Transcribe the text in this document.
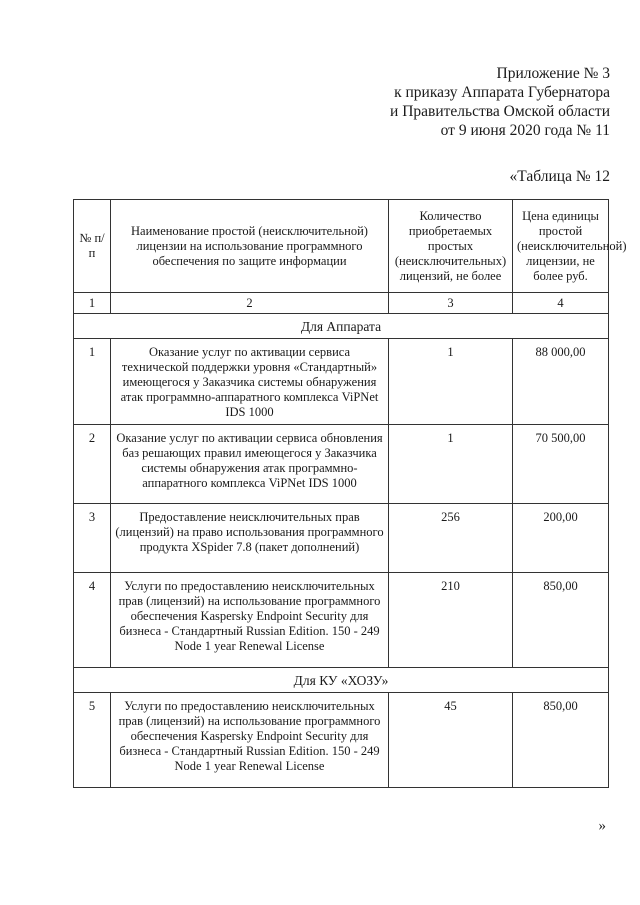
Приложение № 3
к приказу Аппарата Губернатора
и Правительства Омской области
от 9 июня 2020 года № 11
«Таблица № 12
№ п/п	Наименование простой (неисключительной) лицензии на использование программного обеспечения по защите информации	Количество приобретаемых простых (неисключительных) лицензий, не более	Цена единицы простой (неисключительной) лицензии, не более руб.
1	2	3	4
Для Аппарата			
1	Оказание услуг по активации сервиса технической поддержки уровня «Стандартный» имеющегося у Заказчика системы обнаружения атак программно-аппаратного комплекса ViPNet IDS 1000	1	88 000,00
2	Оказание услуг по активации сервиса обновления баз решающих правил имеющегося у Заказчика системы обнаружения атак программно-аппаратного комплекса ViPNet IDS 1000	1	70 500,00
3	Предоставление неисключительных прав (лицензий) на право использования программного продукта XSpider 7.8 (пакет дополнений)	256	200,00
4	Услуги по предоставлению неисключительных прав (лицензий) на использование программного обеспечения Kaspersky Endpoint Security для бизнеса - Стандартный Russian Edition. 150 - 249 Node 1 year Renewal License	210	850,00
Для КУ «ХОЗУ»			
5	Услуги по предоставлению неисключительных прав (лицензий) на использование программного обеспечения Kaspersky Endpoint Security для бизнеса - Стандартный Russian Edition. 150 - 249 Node 1 year Renewal License	45	850,00
»
